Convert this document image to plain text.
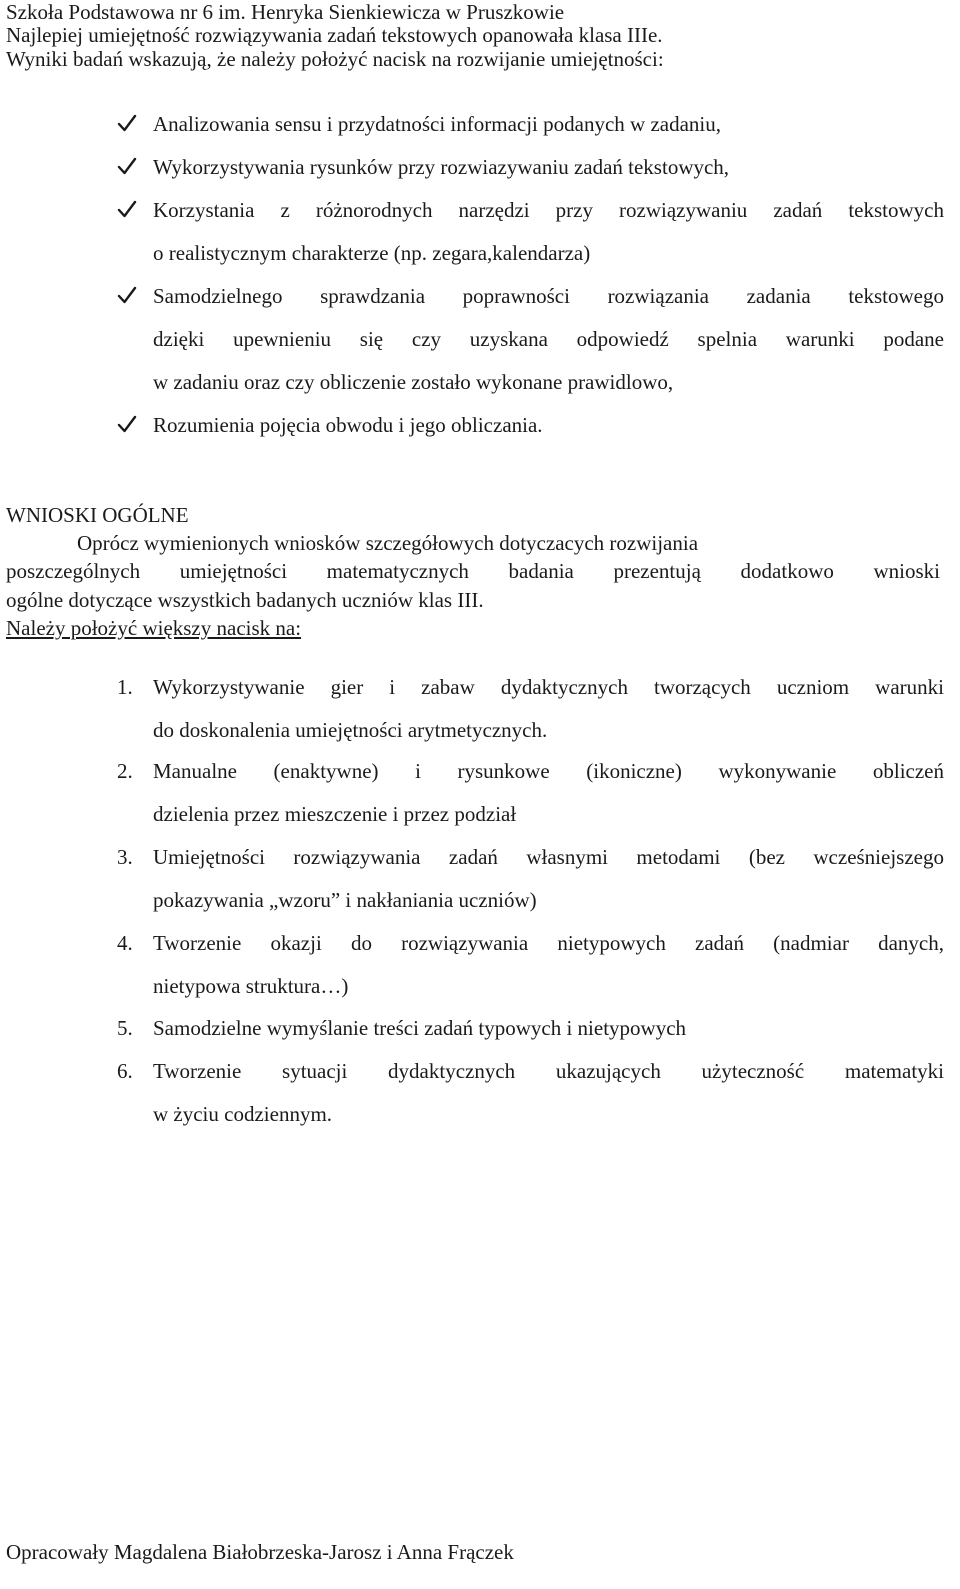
Szkoła Podstawowa nr 6 im. Henryka Sienkiewicza w Pruszkowie
Najlepiej umiejętność rozwiązywania zadań tekstowych opanowała klasa IIIe.
Wyniki badań wskazują, że należy położyć nacisk na rozwijanie umiejętności:
Analizowania sensu i przydatności informacji podanych w zadaniu,
Wykorzystywania rysunków przy rozwiazywaniu zadań tekstowych,
Korzystania z różnorodnych narzędzi przy rozwiązywaniu zadań tekstowych
o realistycznym charakterze (np. zegara,kalendarza)
Samodzielnego sprawdzania poprawności rozwiązania zadania tekstowego
dzięki upewnieniu się czy uzyskana odpowiedź spelnia warunki podane
w zadaniu oraz czy obliczenie zostało wykonane prawidlowo,
Rozumienia pojęcia obwodu i jego obliczania.
WNIOSKI OGÓLNE
Oprócz wymienionych wniosków szczegółowych dotyczacych rozwijania
poszczególnych umiejętności matematycznych badania prezentują dodatkowo wnioski
ogólne dotyczące wszystkich badanych uczniów klas III.
Należy położyć większy nacisk na:
1. Wykorzystywanie gier i zabaw dydaktycznych tworzących uczniom warunki
do doskonalenia umiejętności arytmetycznych.
2. Manualne (enaktywne) i rysunkowe (ikoniczne) wykonywanie obliczeń
dzielenia przez mieszczenie i przez podział
3. Umiejętności rozwiązywania zadań własnymi metodami (bez wcześniejszego
pokazywania „wzoru” i nakłaniania uczniów)
4. Tworzenie okazji do rozwiązywania nietypowych zadań (nadmiar danych,
nietypowa struktura…)
5. Samodzielne wymyślanie treści zadań typowych i nietypowych
6. Tworzenie sytuacji dydaktycznych ukazujących użyteczność matematyki
w życiu codziennym.
Opracowały Magdalena Białobrzeska-Jarosz i Anna Frączek
